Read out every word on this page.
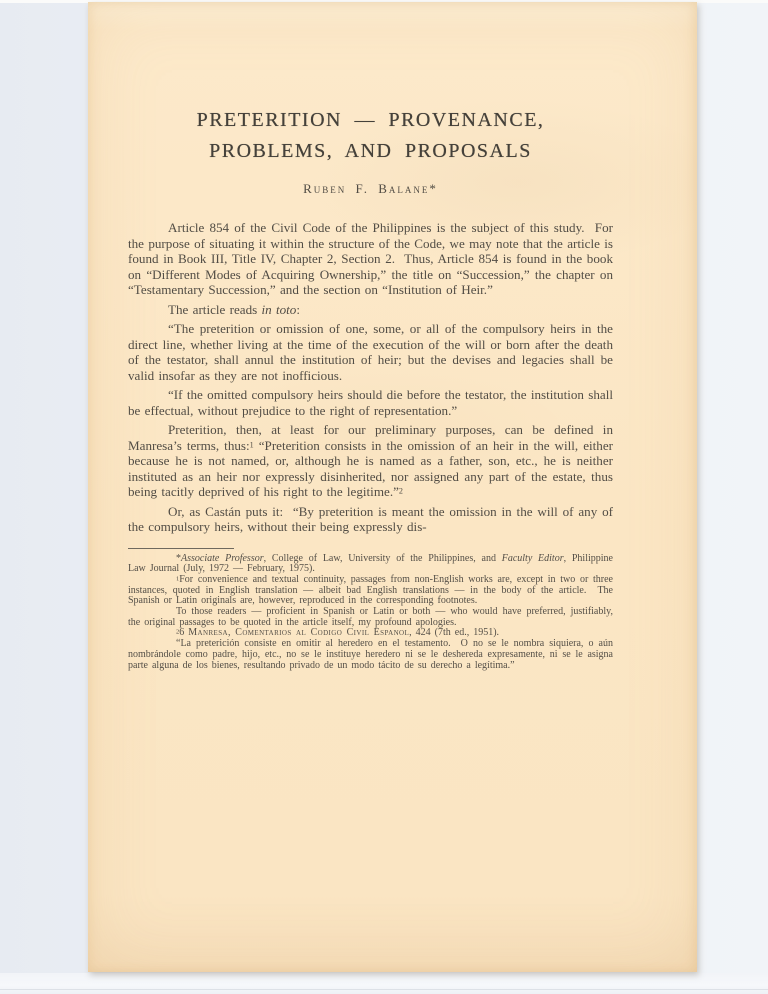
PRETERITION — PROVENANCE,
PROBLEMS, AND PROPOSALS
Ruben F. Balane*

Article 854 of the Civil Code of the Philippines is the subject of this study.  For the purpose of situating it within the structure of the Code, we may note that the article is found in Book III, Title IV, Chapter 2, Section 2.  Thus, Article 854 is found in the book on “Different Modes of Acquiring Ownership,” the title on “Succession,” the chapter on “Testamentary Succession,” and the section on “Institution of Heir.”

The article reads in toto:

“The preterition or omission of one, some, or all of the compulsory heirs in the direct line, whether living at the time of the execution of the will or born after the death of the testator, shall annul the institution of heir; but the devises and legacies shall be valid insofar as they are not inofficious.

“If the omitted compulsory heirs should die before the testator, the institution shall be effectual, without prejudice to the right of representation.”

Preterition, then, at least for our preliminary purposes, can be defined in Manresa’s terms, thus:$^1$ “Preterition consists in the omission of an heir in the will, either because he is not named, or, although he is named as a father, son, etc., he is neither instituted as an heir nor expressly disinherited, nor assigned any part of the estate, thus being tacitly deprived of his right to the legitime.”$^2$

Or, as Castán puts it:  “By preterition is meant the omission in the will of any of the compulsory heirs, without their being expressly dis-

*Associate Professor, College of Law, University of the Philippines, and Faculty Editor, Philippine Law Journal (July, 1972 — February, 1975).

$^1$For convenience and textual continuity, passages from non-English works are, except in two or three instances, quoted in English translation — albeit bad English translations — in the body of the article.  The Spanish or Latin originals are, however, reproduced in the corresponding footnotes.

To those readers — proficient in Spanish or Latin or both — who would have preferred, justifiably, the original passages to be quoted in the article itself, my profound apologies.

$^2$6 Manresa, Comentarios al Codigo Civil Espanol, 424 (7th ed., 1951).

“La preterición consiste en omitir al heredero en el testamento.  O no se le nombra siquiera, o aún nombrándole como padre, hijo, etc., no se le instituye heredero ni se le deshereda expresamente, ni se le asigna parte alguna de los bienes, resultando privado de un modo tácito de su derecho a legítima.”
